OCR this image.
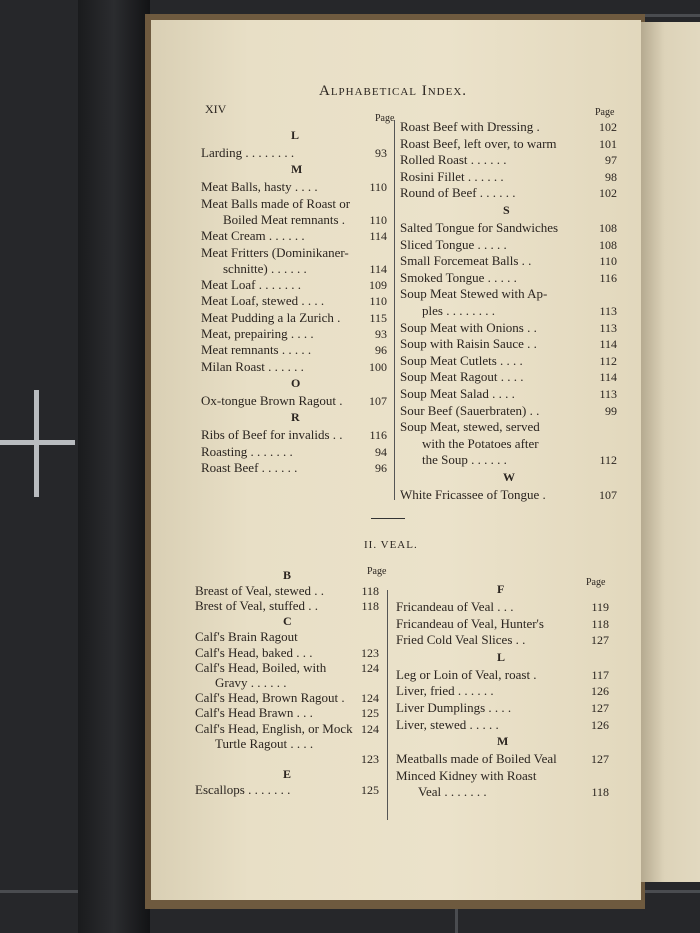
XIV
Alphabetical Index.
Page
Page
L
Larding . . . . . . . .	93
M
Meat Balls, hasty . . . .	110
Meat Balls made of Roast or
Boiled Meat remnants .	110
Meat Cream . . . . . .	114
Meat Fritters (Dominikaner-
schnitte) . . . . . .	114
Meat Loaf . . . . . . .	109
Meat Loaf, stewed . . . .	110
Meat Pudding a la Zurich .	115
Meat, prepairing . . . .	93
Meat remnants . . . . .	96
Milan Roast . . . . . .	100
O
Ox-tongue Brown Ragout .	107
R
Ribs of Beef for invalids . .	116
Roasting . . . . . . .	94
Roast Beef . . . . . .	96
Roast Beef with Dressing .	102
Roast Beef, left over, to warm	101
Rolled Roast . . . . . .	97
Rosini Fillet . . . . . .	98
Round of Beef . . . . . .	102
S
Salted Tongue for Sandwiches	108
Sliced Tongue . . . . .	108
Small Forcemeat Balls . .	110
Smoked Tongue . . . . .	116
Soup Meat Stewed with Ap-
ples . . . . . . . .	113
Soup Meat with Onions . .	113
Soup with Raisin Sauce . .	114
Soup Meat Cutlets . . . .	112
Soup Meat Ragout . . . .	114
Soup Meat Salad . . . .	113
Sour Beef (Sauerbraten) . .	99
Soup Meat, stewed, served
with the Potatoes after
the Soup . . . . . .	112
W
White Fricassee of Tongue .	107
II. VEAL.
Page
Page
B
Breast of Veal, stewed . .	118
Brest of Veal, stuffed . .	118
C
Calf's Brain Ragout
Calf's Head, baked . . .	123
Calf's Head, Boiled, with	124
Gravy . . . . . .
Calf's Head, Brown Ragout .	124
Calf's Head Brawn . . .	125
Calf's Head, English, or Mock 124
Turtle Ragout . . . .
123
E
Escallops . . . . . . .	125
F
Fricandeau of Veal . . .	119
Fricandeau of Veal, Hunter's	118
Fried Cold Veal Slices . .	127
L
Leg or Loin of Veal, roast .	117
Liver, fried . . . . . .	126
Liver Dumplings . . . .	127
Liver, stewed . . . . .	126
M
Meatballs made of Boiled Veal	127
Minced Kidney with Roast
Veal . . . . . . .	118
